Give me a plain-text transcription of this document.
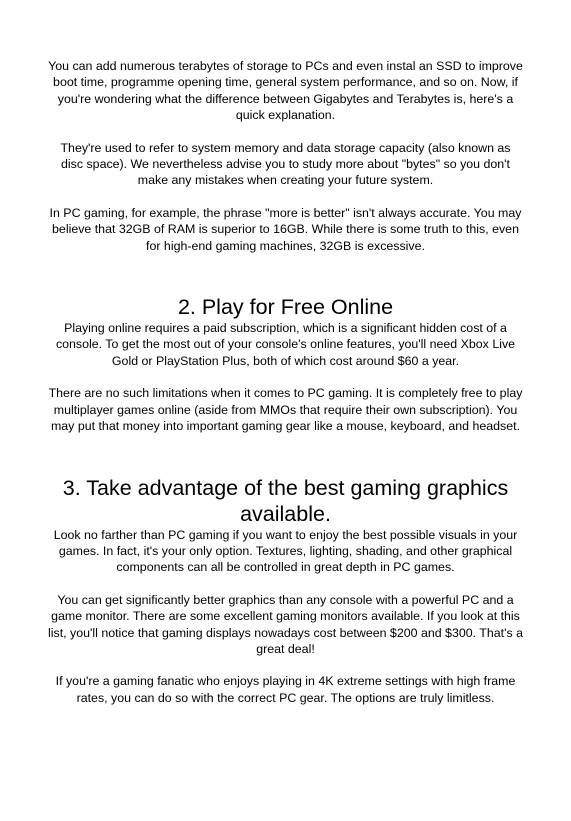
You can add numerous terabytes of storage to PCs and even instal an SSD to improve boot time, programme opening time, general system performance, and so on. Now, if you're wondering what the difference between Gigabytes and Terabytes is, here's a quick explanation.

They're used to refer to system memory and data storage capacity (also known as disc space). We nevertheless advise you to study more about "bytes" so you don't make any mistakes when creating your future system.

In PC gaming, for example, the phrase "more is better" isn't always accurate. You may believe that 32GB of RAM is superior to 16GB. While there is some truth to this, even for high-end gaming machines, 32GB is excessive.

2. Play for Free Online

Playing online requires a paid subscription, which is a significant hidden cost of a console. To get the most out of your console's online features, you'll need Xbox Live Gold or PlayStation Plus, both of which cost around $60 a year.

There are no such limitations when it comes to PC gaming. It is completely free to play multiplayer games online (aside from MMOs that require their own subscription). You may put that money into important gaming gear like a mouse, keyboard, and headset.

3. Take advantage of the best gaming graphics available.

Look no farther than PC gaming if you want to enjoy the best possible visuals in your games. In fact, it's your only option. Textures, lighting, shading, and other graphical components can all be controlled in great depth in PC games.

You can get significantly better graphics than any console with a powerful PC and a game monitor. There are some excellent gaming monitors available. If you look at this list, you'll notice that gaming displays nowadays cost between $200 and $300. That's a great deal!

If you're a gaming fanatic who enjoys playing in 4K extreme settings with high frame rates, you can do so with the correct PC gear. The options are truly limitless.
